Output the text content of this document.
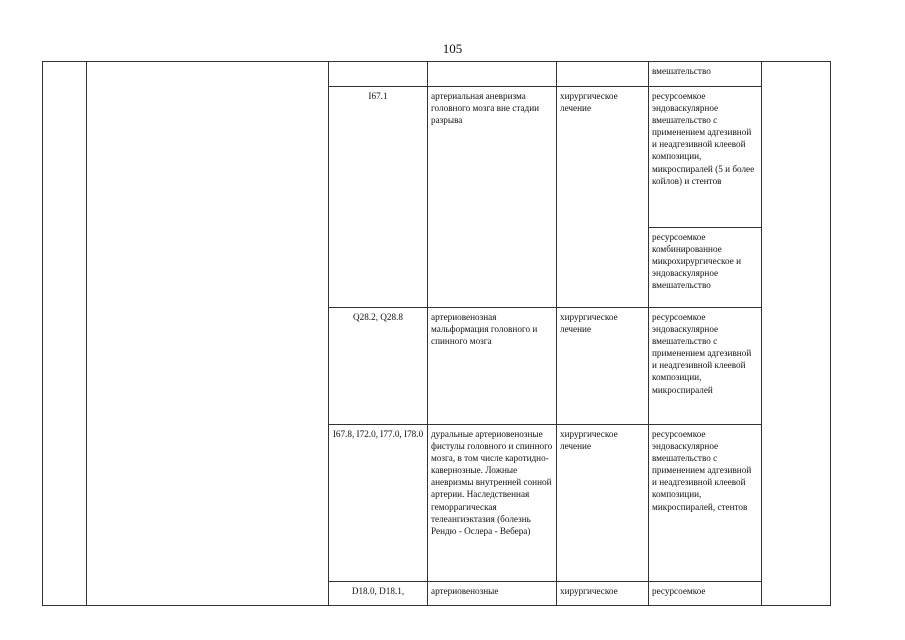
105
					вмешательство	
		I67.1	артериальная аневризма головного мозга вне стадии разрыва	хирургическое лечение	ресурсоемкое эндоваскулярное вмешательство с применением адгезивной и неадгезивной клеевой композиции, микроспиралей (5 и более койлов) и стентов	
					ресурсоемкое комбинированное микрохирургическое и эндоваскулярное вмешательство	
		Q28.2, Q28.8	артериовенозная мальформация головного и спинного мозга	хирургическое лечение	ресурсоемкое эндоваскулярное вмешательство с применением адгезивной и неадгезивной клеевой композиции, микроспиралей	
		I67.8, I72.0, I77.0, I78.0	дуральные артериовенозные фистулы головного и спинного мозга, в том числе каротидно-кавернозные. Ложные аневризмы внутренней сонной артерии. Наследственная геморрагическая телеангиэктазия (болезнь Рендю - Ослера - Вебера)	хирургическое лечение	ресурсоемкое эндоваскулярное вмешательство с применением адгезивной и неадгезивной клеевой композиции, микроспиралей, стентов	
		D18.0, D18.1,	артериовенозные	хирургическое	ресурсоемкое	
